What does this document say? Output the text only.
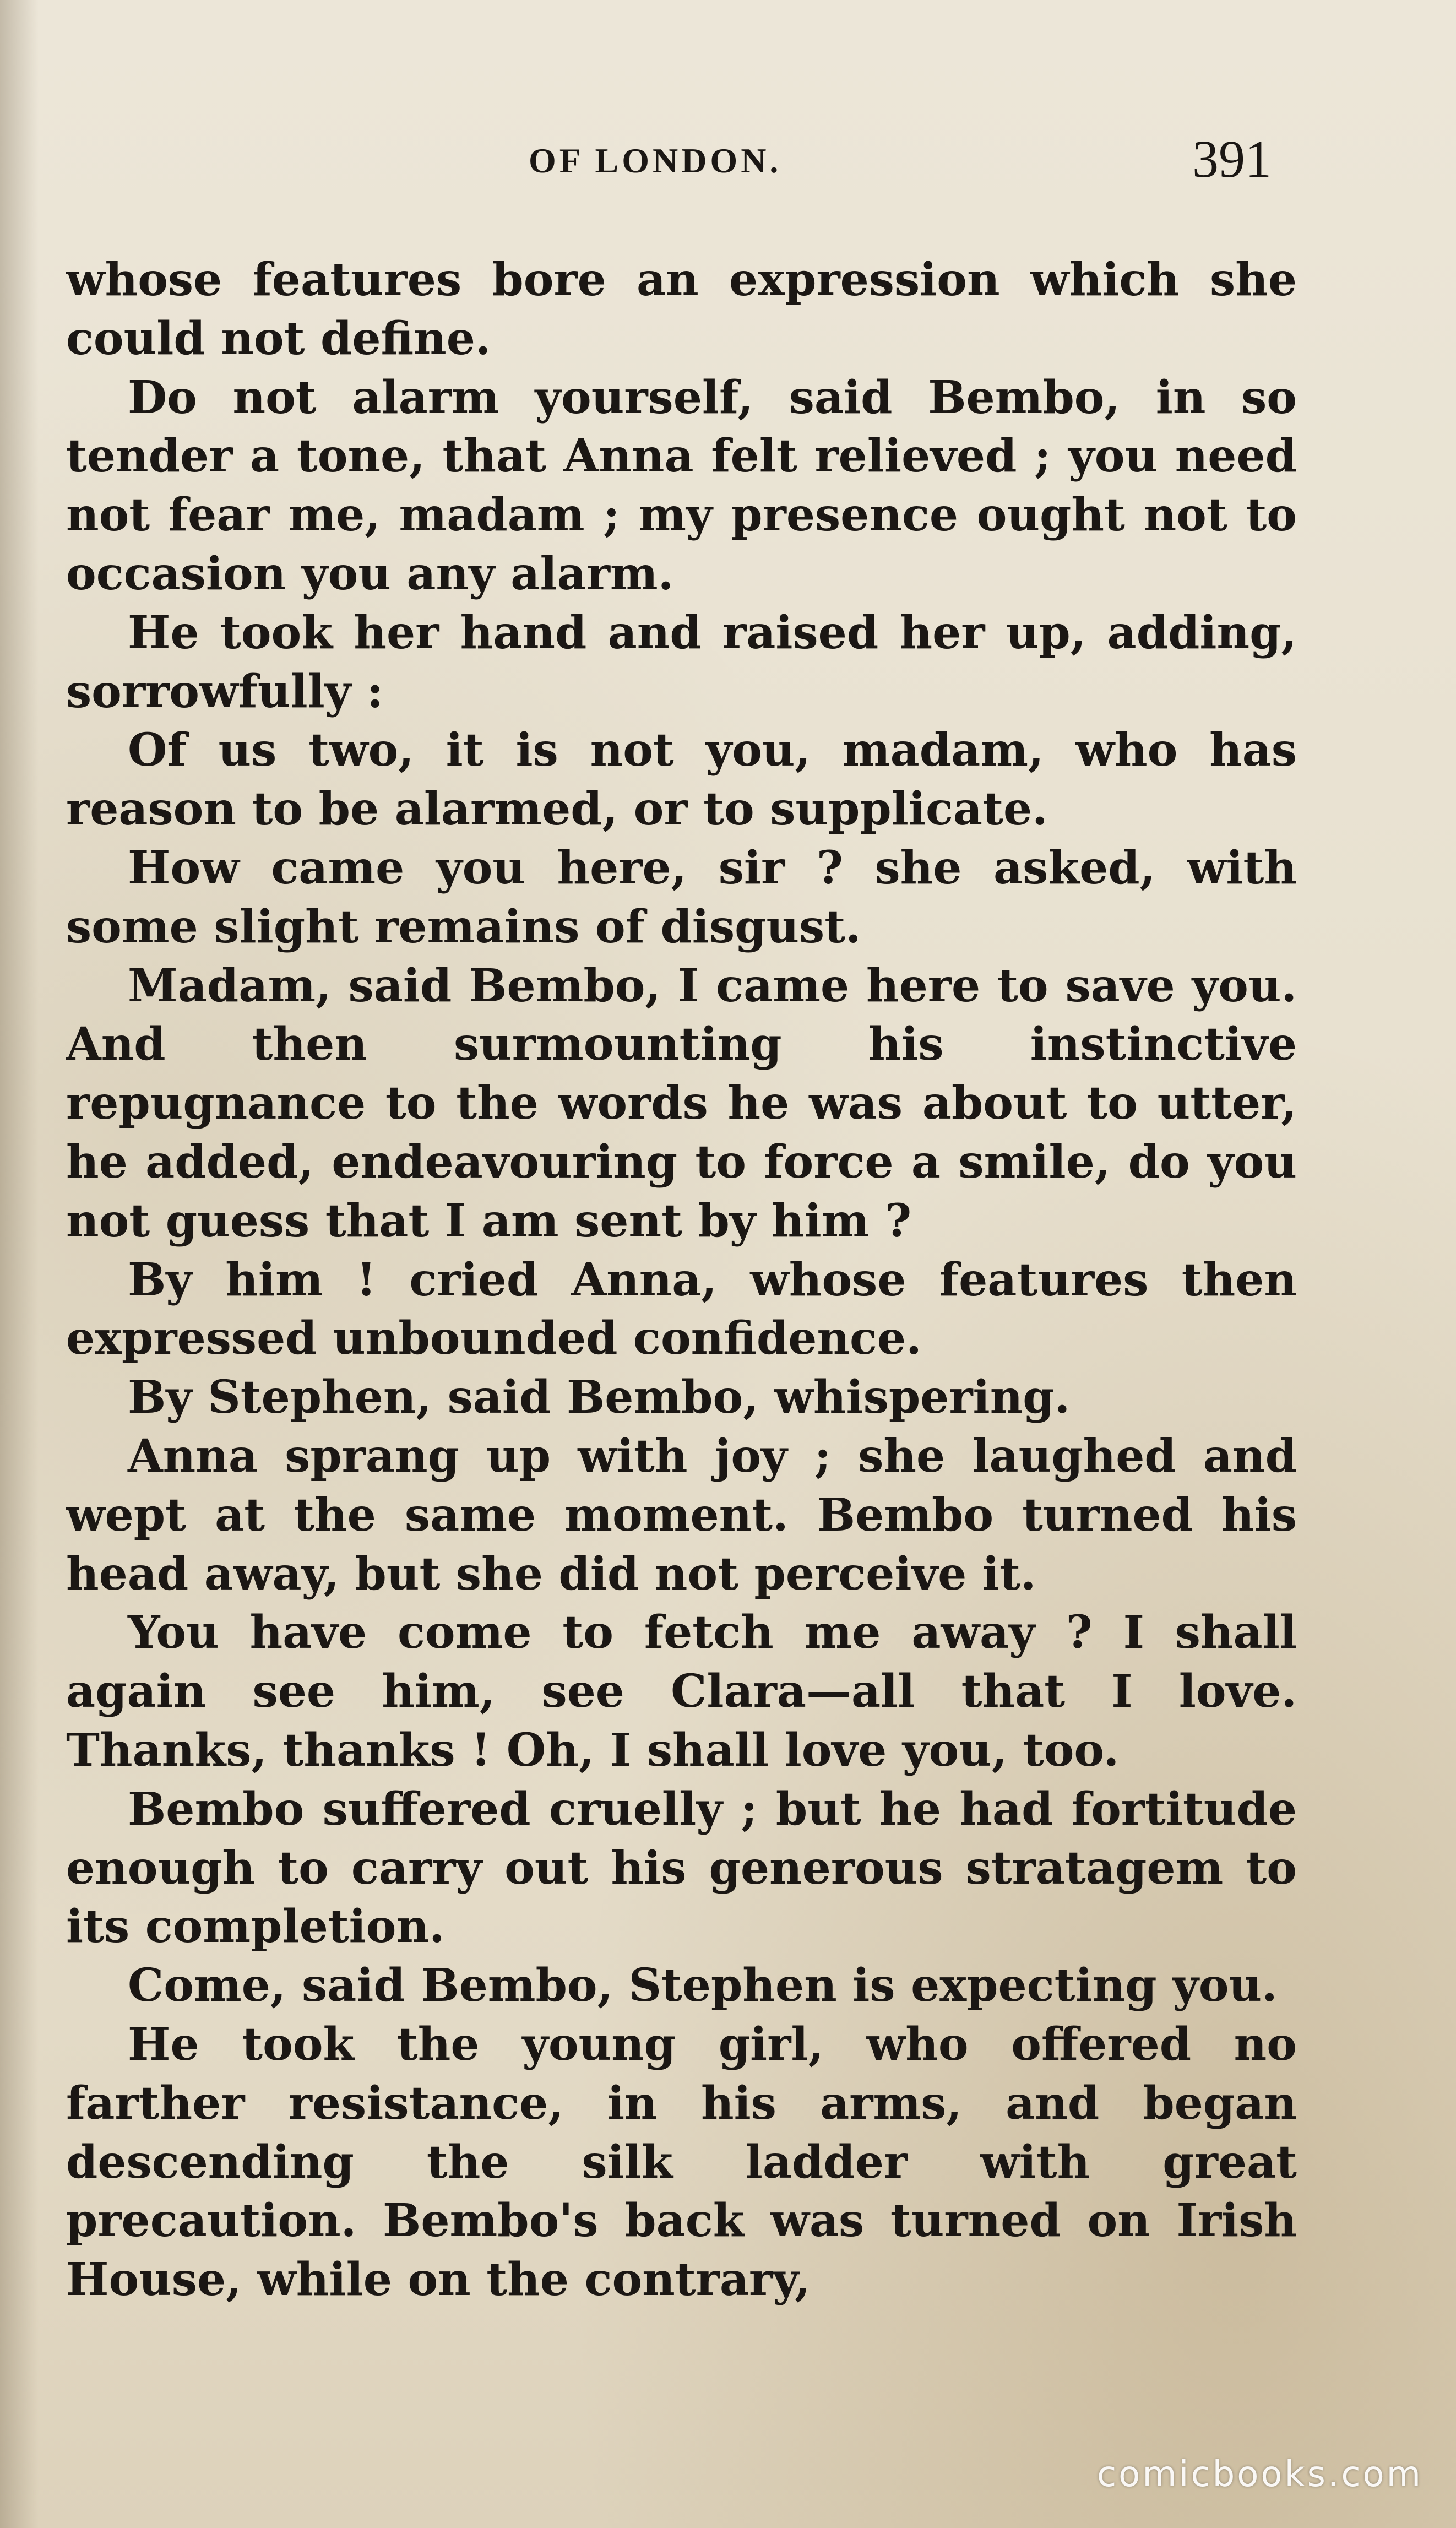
OF LONDON.	391

whose features bore an expression which she could not define.

Do not alarm yourself, said Bembo, in so tender a tone, that Anna felt relieved ; you need not fear me, madam ; my presence ought not to occasion you any alarm.

He took her hand and raised her up, adding, sorrowfully :

Of us two, it is not you, madam, who has reason to be alarmed, or to supplicate.

How came you here, sir ? she asked, with some slight remains of disgust.

Madam, said Bembo, I came here to save you. And then surmounting his instinctive repugnance to the words he was about to utter, he added, endeavouring to force a smile, do you not guess that I am sent by him ?

By him ! cried Anna, whose features then expressed unbounded confidence.

By Stephen, said Bembo, whispering.

Anna sprang up with joy ; she laughed and wept at the same moment. Bembo turned his head away, but she did not perceive it.

You have come to fetch me away ? I shall again see him, see Clara—all that I love. Thanks, thanks ! Oh, I shall love you, too.

Bembo suffered cruelly ; but he had fortitude enough to carry out his generous stratagem to its completion.

Come, said Bembo, Stephen is expecting you.

He took the young girl, who offered no farther resistance, in his arms, and began descending the silk ladder with great precaution. Bembo's back was turned on Irish House, while on the contrary,

comicbooks.com
